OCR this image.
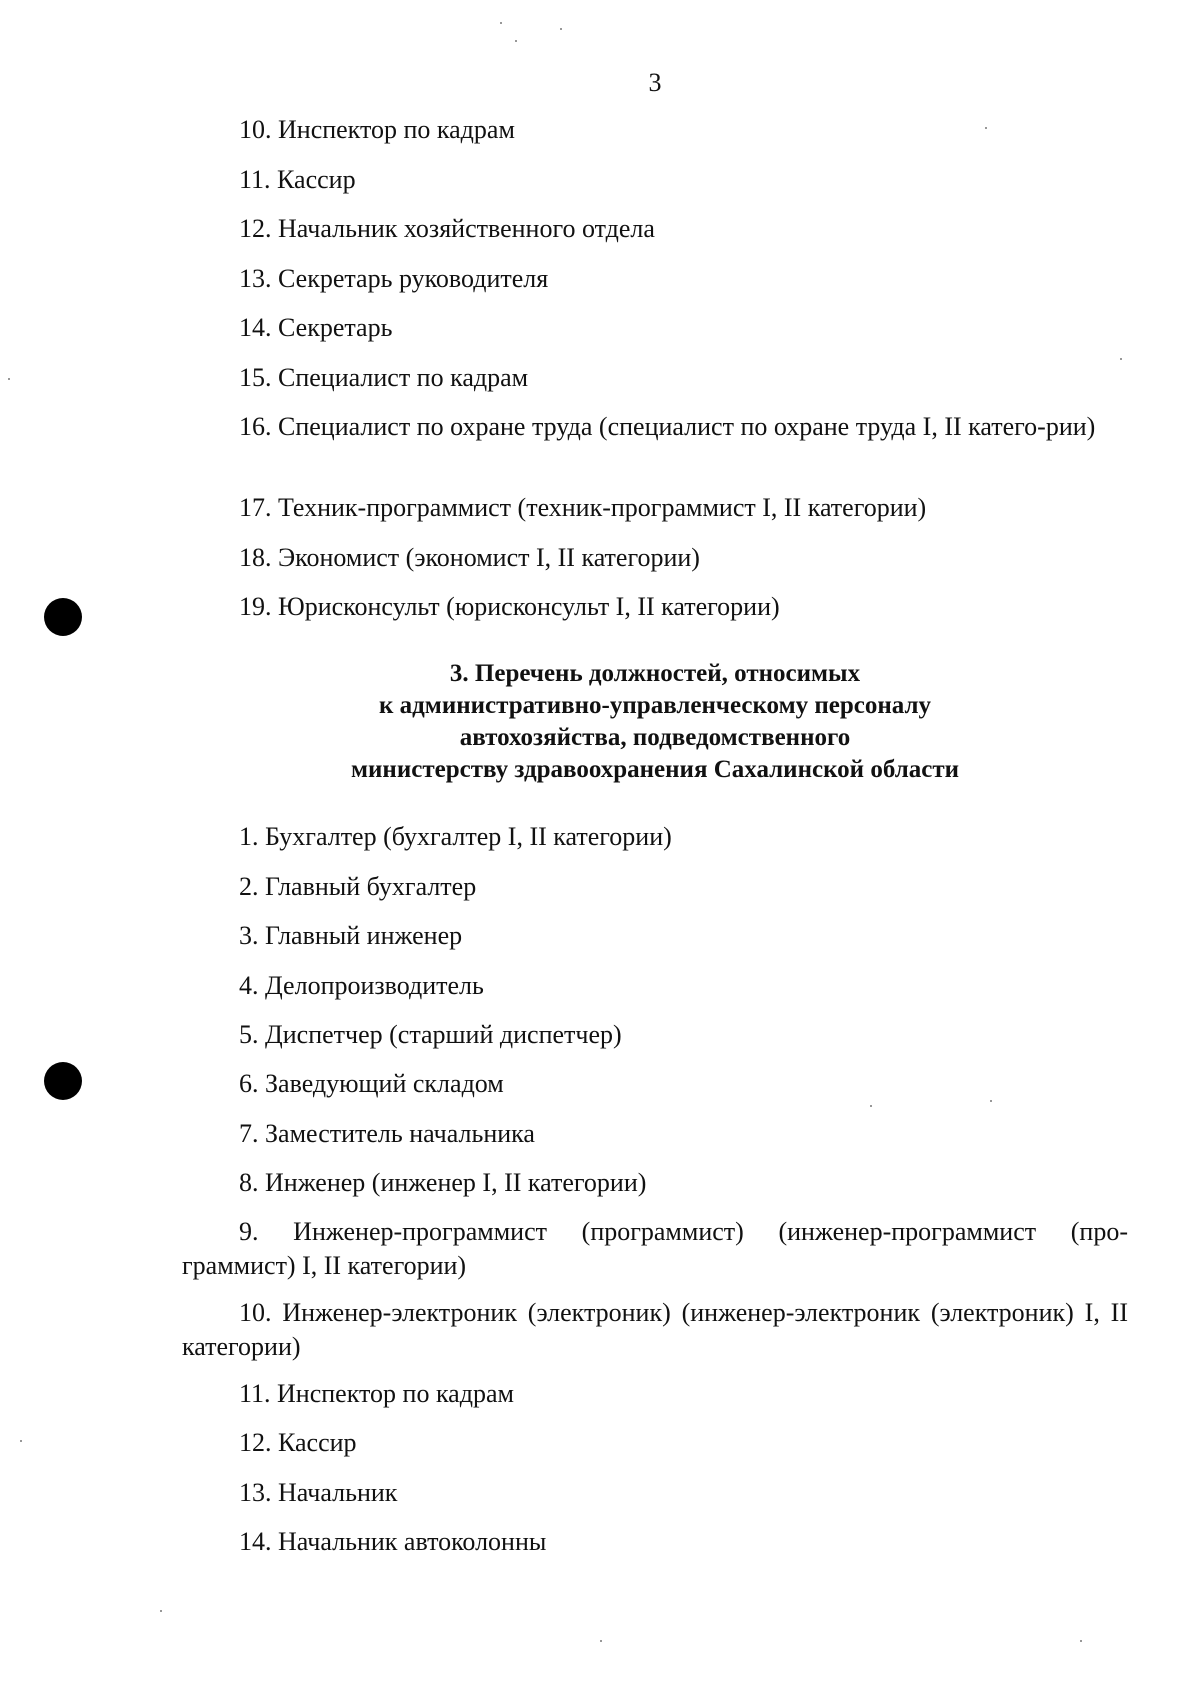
3

10. Инспектор по кадрам

11. Кассир

12. Начальник хозяйственного отдела

13. Секретарь руководителя

14. Секретарь

15. Специалист по кадрам

16. Специалист по охране труда (специалист по охране труда I, II катего-рии)

17. Техник-программист (техник-программист I, II категории)

18. Экономист (экономист I, II категории)

19. Юрисконсульт (юрисконсульт I, II категории)

3. Перечень должностей, относимых
к административно-управленческому персоналу
автохозяйства, подведомственного
министерству здравоохранения Сахалинской области

1. Бухгалтер (бухгалтер I, II категории)

2. Главный бухгалтер

3. Главный инженер

4. Делопроизводитель

5. Диспетчер (старший диспетчер)

6. Заведующий складом

7. Заместитель начальника

8. Инженер (инженер I, II категории)

9. Инженер-программист (программист) (инженер-программист (про-граммист) I, II категории)

10. Инженер-электроник (электроник) (инженер-электроник (электроник) I, II категории)

11. Инспектор по кадрам

12. Кассир

13. Начальник

14. Начальник автоколонны
